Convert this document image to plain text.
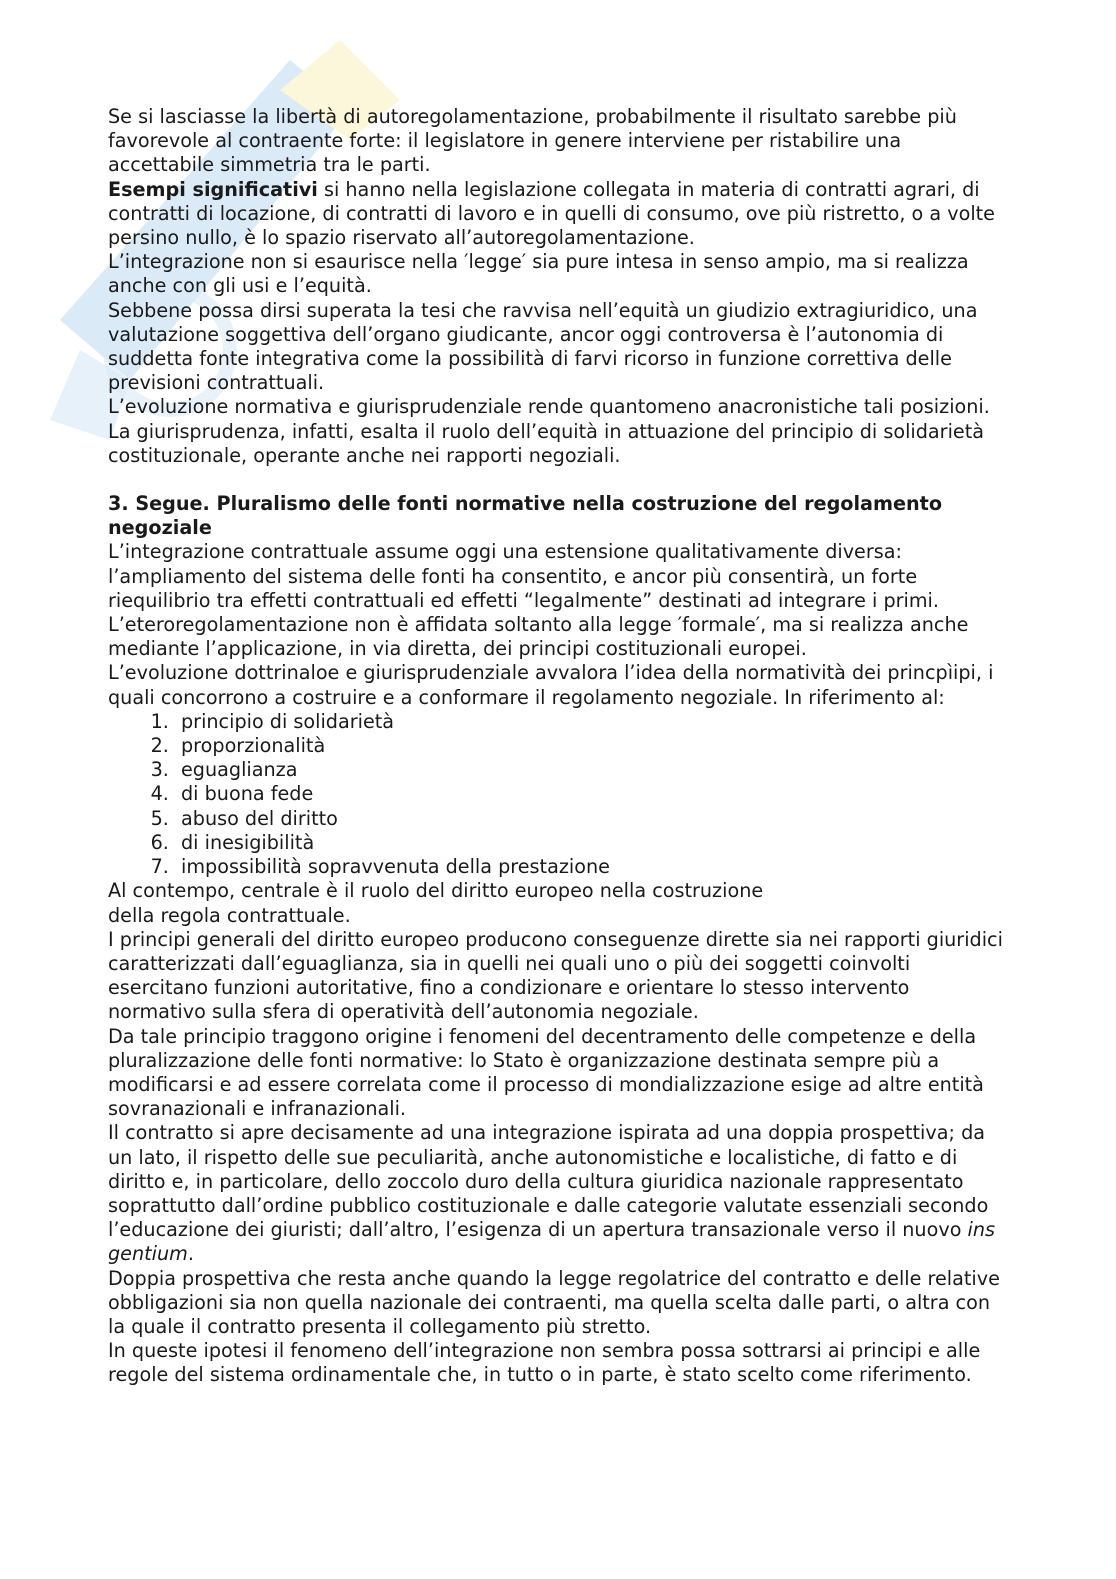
Se si lasciasse la libertà di autoregolamentazione, probabilmente il risultato sarebbe più favorevole al contraente forte: il legislatore in genere interviene per ristabilire una accettabile simmetria tra le parti.

Esempi significativi si hanno nella legislazione collegata in materia di contratti agrari, di contratti di locazione, di contratti di lavoro e in quelli di consumo, ove più ristretto, o a volte persino nullo, è lo spazio riservato all’autoregolamentazione.

L’integrazione non si esaurisce nella ′legge′ sia pure intesa in senso ampio, ma si realizza anche con gli usi e l’equità.

Sebbene possa dirsi superata la tesi che ravvisa nell’equità un giudizio extragiuridico, una valutazione soggettiva dell’organo giudicante, ancor oggi controversa è l’autonomia di suddetta fonte integrativa come la possibilità di farvi ricorso in funzione correttiva delle previsioni contrattuali.

L’evoluzione normativa e giurisprudenziale rende quantomeno anacronistiche tali posizioni. La giurisprudenza, infatti, esalta il ruolo dell’equità in attuazione del principio di solidarietà costituzionale, operante anche nei rapporti negoziali.

3. Segue. Pluralismo delle fonti normative nella costruzione del regolamento negoziale

L’integrazione contrattuale assume oggi una estensione qualitativamente diversa: l’ampliamento del sistema delle fonti ha consentito, e ancor più consentirà, un forte riequilibrio tra effetti contrattuali ed effetti “legalmente” destinati ad integrare i primi.

L’eteroregolamentazione non è affidata soltanto alla legge ′formale′, ma si realizza anche mediante l’applicazione, in via diretta, dei principi costituzionali europei.

L’evoluzione dottrinaloe e giurisprudenziale avvalora l’idea della normatività dei princpìipi, i quali concorrono a costruire e a conformare il regolamento negoziale. In riferimento al:

1. principio di solidarietà
2. proporzionalità
3. eguaglianza
4. di buona fede
5. abuso del diritto
6. di inesigibilità
7. impossibilità sopravvenuta della prestazione

Al contempo, centrale è il ruolo del diritto europeo nella costruzione

della regola contrattuale.

I principi generali del diritto europeo producono conseguenze dirette sia nei rapporti giuridici caratterizzati dall’eguaglianza, sia in quelli nei quali uno o più dei soggetti coinvolti esercitano funzioni autoritative, fino a condizionare e orientare lo stesso intervento normativo sulla sfera di operatività dell’autonomia negoziale.

Da tale principio traggono origine i fenomeni del decentramento delle competenze e della pluralizzazione delle fonti normative: lo Stato è organizzazione destinata sempre più a modificarsi e ad essere correlata come il processo di mondializzazione esige ad altre entità sovranazionali e infranazionali.

Il contratto si apre decisamente ad una integrazione ispirata ad una doppia prospettiva; da un lato, il rispetto delle sue peculiarità, anche autonomistiche e localistiche, di fatto e di diritto e, in particolare, dello zoccolo duro della cultura giuridica nazionale rappresentato soprattutto dall’ordine pubblico costituzionale e dalle categorie valutate essenziali secondo l’educazione dei giuristi; dall’altro, l’esigenza di un apertura transazionale verso il nuovo ins gentium.

Doppia prospettiva che resta anche quando la legge regolatrice del contratto e delle relative obbligazioni sia non quella nazionale dei contraenti, ma quella scelta dalle parti, o altra con la quale il contratto presenta il collegamento più stretto.

In queste ipotesi il fenomeno dell’integrazione non sembra possa sottrarsi ai principi e alle regole del sistema ordinamentale che, in tutto o in parte, è stato scelto come riferimento.
